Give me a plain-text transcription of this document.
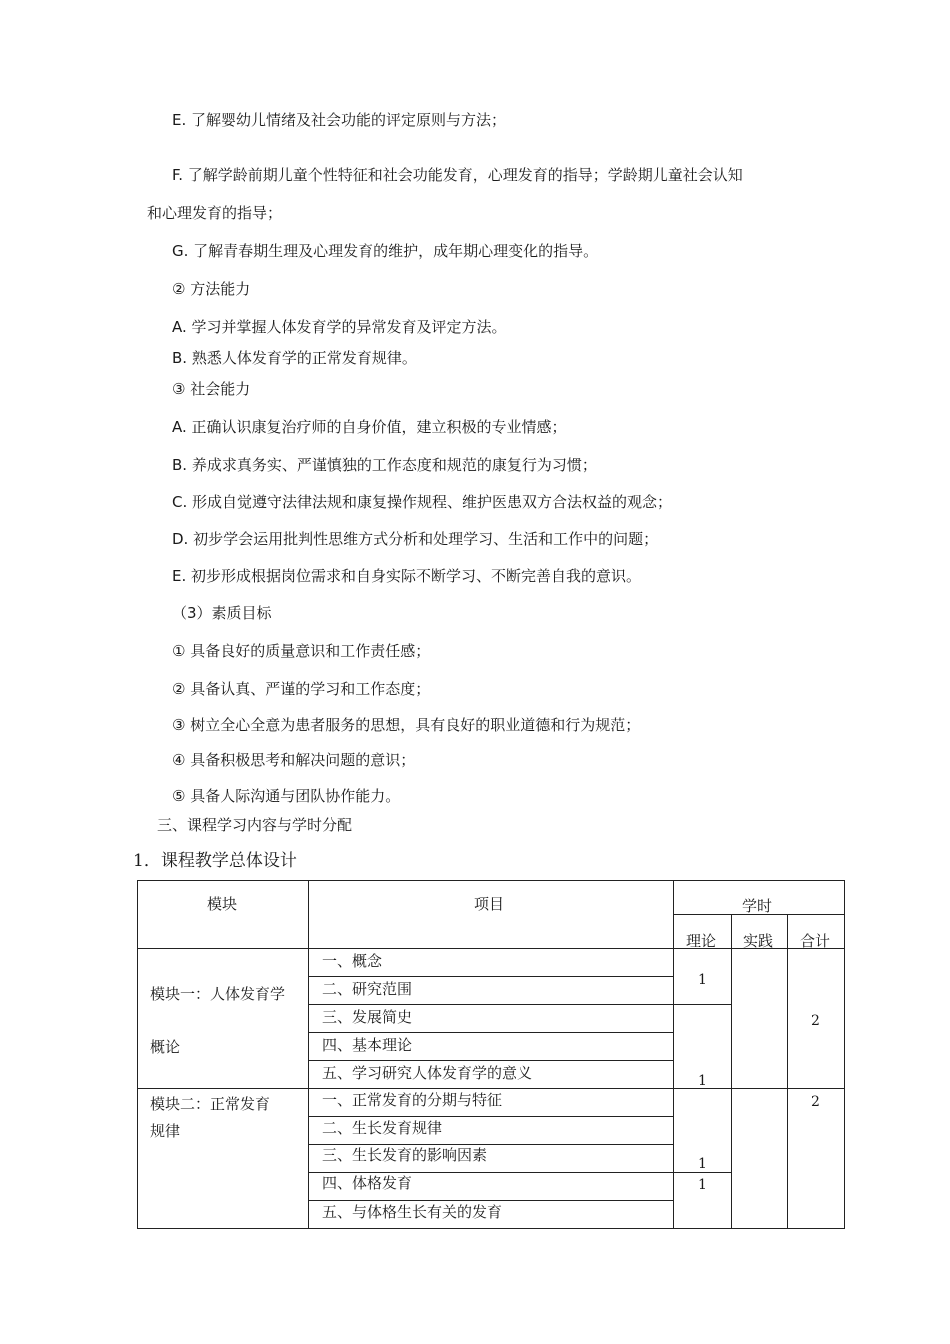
E. 了解婴幼儿情绪及社会功能的评定原则与方法；
F. 了解学龄前期儿童个性特征和社会功能发育，心理发育的指导；学龄期儿童社会认知
和心理发育的指导；
G. 了解青春期生理及心理发育的维护，成年期心理变化的指导。
② 方法能力
A. 学习并掌握人体发育学的异常发育及评定方法。
B. 熟悉人体发育学的正常发育规律。
③ 社会能力
A. 正确认识康复治疗师的自身价值，建立积极的专业情感；
B. 养成求真务实、严谨慎独的工作态度和规范的康复行为习惯；
C. 形成自觉遵守法律法规和康复操作规程、维护医患双方合法权益的观念；
D. 初步学会运用批判性思维方式分析和处理学习、生活和工作中的问题；
E. 初步形成根据岗位需求和自身实际不断学习、不断完善自我的意识。
（3）素质目标
① 具备良好的质量意识和工作责任感；
② 具备认真、严谨的学习和工作态度；
③ 树立全心全意为患者服务的思想，具有良好的职业道德和行为规范；
④ 具备积极思考和解决问题的意识；
⑤ 具备人际沟通与团队协作能力。
三、课程学习内容与学时分配
1．课程教学总体设计
模块	项目	学时
理论 实践 合计
模块一：人体发育学
概论
一、概念
二、研究范围
三、发展简史
四、基本理论
五、学习研究人体发育学的意义
1
1
2
模块二：正常发育
规律
一、正常发育的分期与特征
二、生长发育规律
三、生长发育的影响因素
四、体格发育
五、与体格生长有关的发育
1
1
2
